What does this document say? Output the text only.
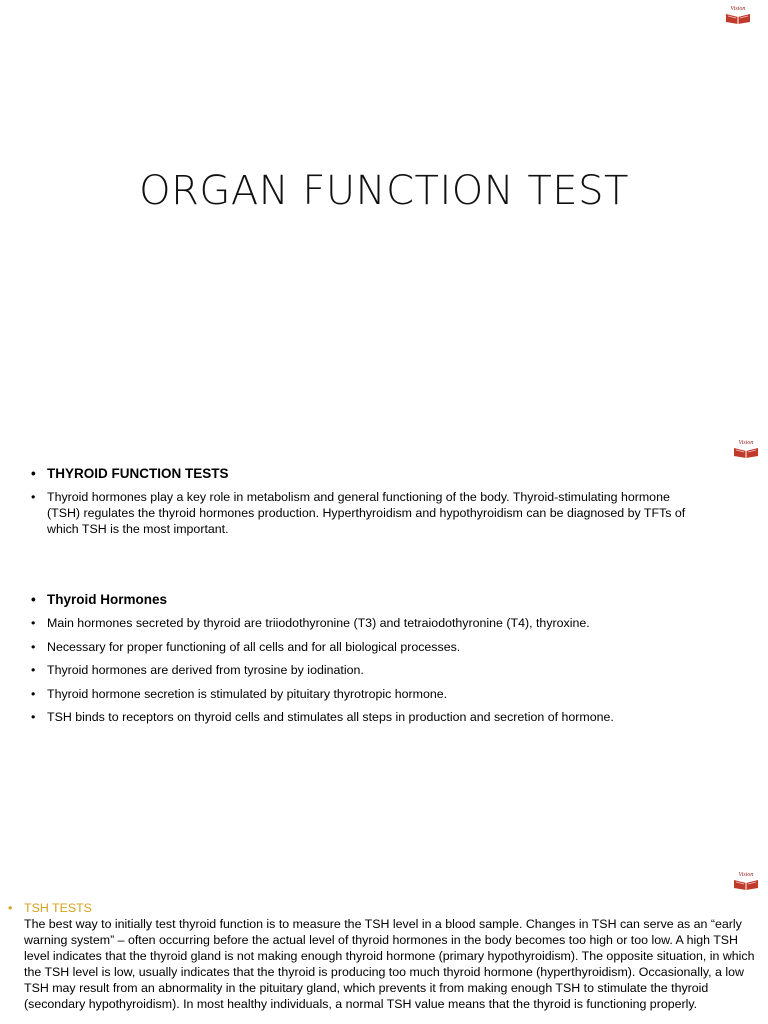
Vision
ORGAN FUNCTION TEST
Vision
• THYROID FUNCTION TESTS
• Thyroid hormones play a key role in metabolism and general functioning of the body. Thyroid-stimulating hormone (TSH) regulates the thyroid hormones production. Hyperthyroidism and hypothyroidism can be diagnosed by TFTs of which TSH is the most important.
• Thyroid Hormones
• Main hormones secreted by thyroid are triiodothyronine (T3) and tetraiodothyronine (T4), thyroxine.
• Necessary for proper functioning of all cells and for all biological processes.
• Thyroid hormones are derived from tyrosine by iodination.
• Thyroid hormone secretion is stimulated by pituitary thyrotropic hormone.
• TSH binds to receptors on thyroid cells and stimulates all steps in production and secretion of hormone.
Vision
• TSH TESTS
The best way to initially test thyroid function is to measure the TSH level in a blood sample. Changes in TSH can serve as an “early warning system” – often occurring before the actual level of thyroid hormones in the body becomes too high or too low. A high TSH level indicates that the thyroid gland is not making enough thyroid hormone (primary hypothyroidism). The opposite situation, in which the TSH level is low, usually indicates that the thyroid is producing too much thyroid hormone (hyperthyroidism). Occasionally, a low TSH may result from an abnormality in the pituitary gland, which prevents it from making enough TSH to stimulate the thyroid (secondary hypothyroidism). In most healthy individuals, a normal TSH value means that the thyroid is functioning properly.
